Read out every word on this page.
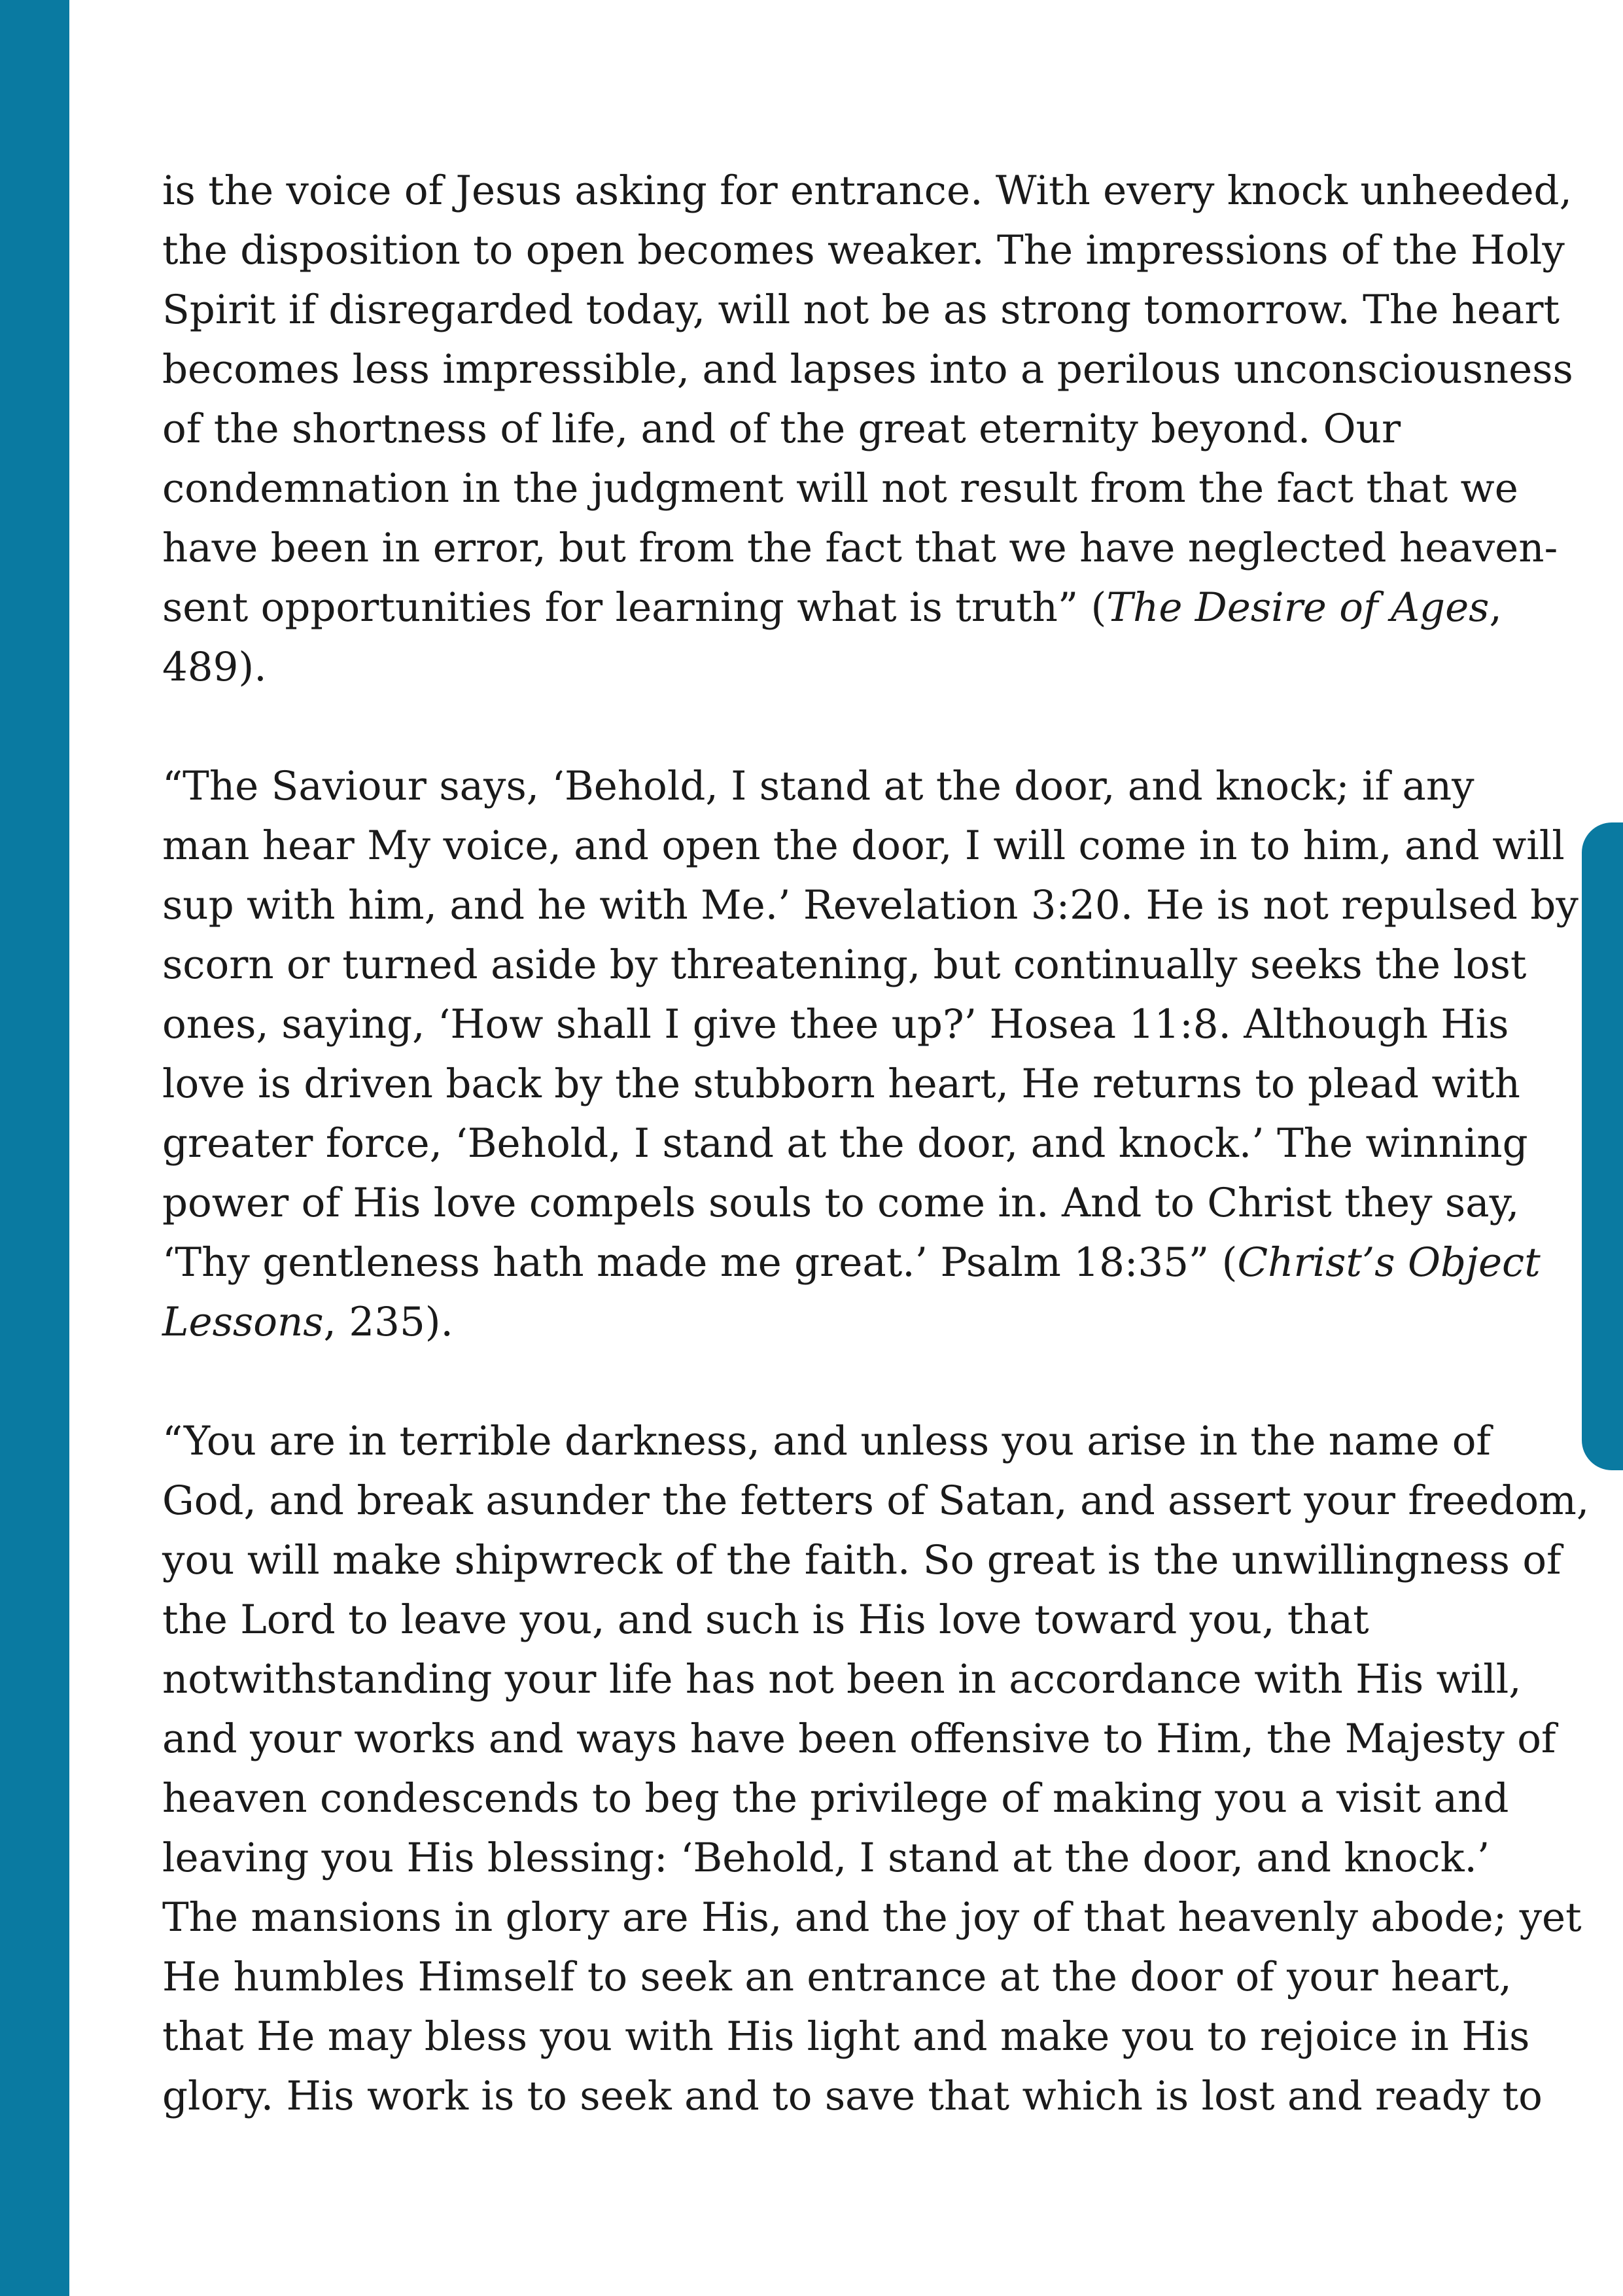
is the voice of Jesus asking for entrance. With every knock unheeded,
the disposition to open becomes weaker. The impressions of the Holy
Spirit if disregarded today, will not be as strong tomorrow. The heart
becomes less impressible, and lapses into a perilous unconsciousness
of the shortness of life, and of the great eternity beyond. Our
condemnation in the judgment will not result from the fact that we
have been in error, but from the fact that we have neglected heaven-
sent opportunities for learning what is truth” (The Desire of Ages,
489).
“The Saviour says, ‘Behold, I stand at the door, and knock; if any
man hear My voice, and open the door, I will come in to him, and will
sup with him, and he with Me.’ Revelation 3:20. He is not repulsed by
scorn or turned aside by threatening, but continually seeks the lost
ones, saying, ‘How shall I give thee up?’ Hosea 11:8. Although His
love is driven back by the stubborn heart, He returns to plead with
greater force, ‘Behold, I stand at the door, and knock.’ The winning
power of His love compels souls to come in. And to Christ they say,
‘Thy gentleness hath made me great.’ Psalm 18:35” (Christ’s Object
Lessons, 235).
“You are in terrible darkness, and unless you arise in the name of
God, and break asunder the fetters of Satan, and assert your freedom,
you will make shipwreck of the faith. So great is the unwillingness of
the Lord to leave you, and such is His love toward you, that
notwithstanding your life has not been in accordance with His will,
and your works and ways have been offensive to Him, the Majesty of
heaven condescends to beg the privilege of making you a visit and
leaving you His blessing: ‘Behold, I stand at the door, and knock.’
The mansions in glory are His, and the joy of that heavenly abode; yet
He humbles Himself to seek an entrance at the door of your heart,
that He may bless you with His light and make you to rejoice in His
glory. His work is to seek and to save that which is lost and ready to
